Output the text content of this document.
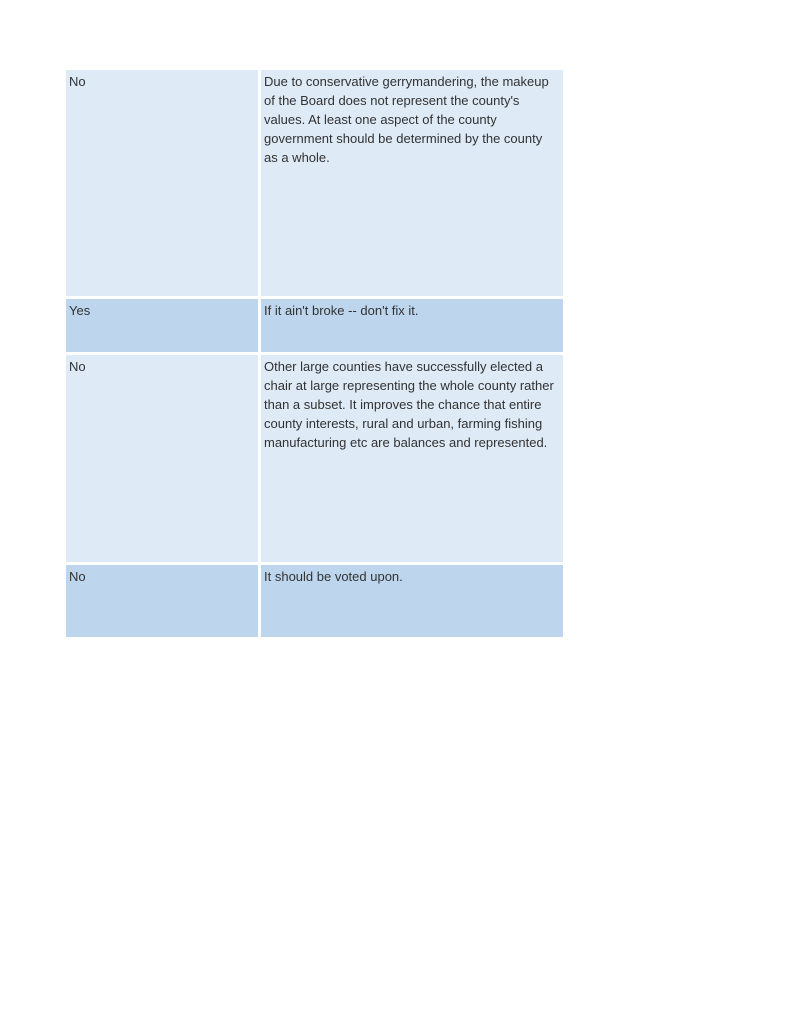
No	Due to conservative gerrymandering, the makeup of the Board does not represent the county's values. At least one aspect of the county government should be determined by the county as a whole.
Yes	If it ain't broke -- don't fix it.
No	Other large counties have successfully elected a chair at large representing the whole county rather than a subset. It improves the chance that entire county interests, rural and urban, farming fishing manufacturing etc are balances and represented.
No	It should be voted upon.
